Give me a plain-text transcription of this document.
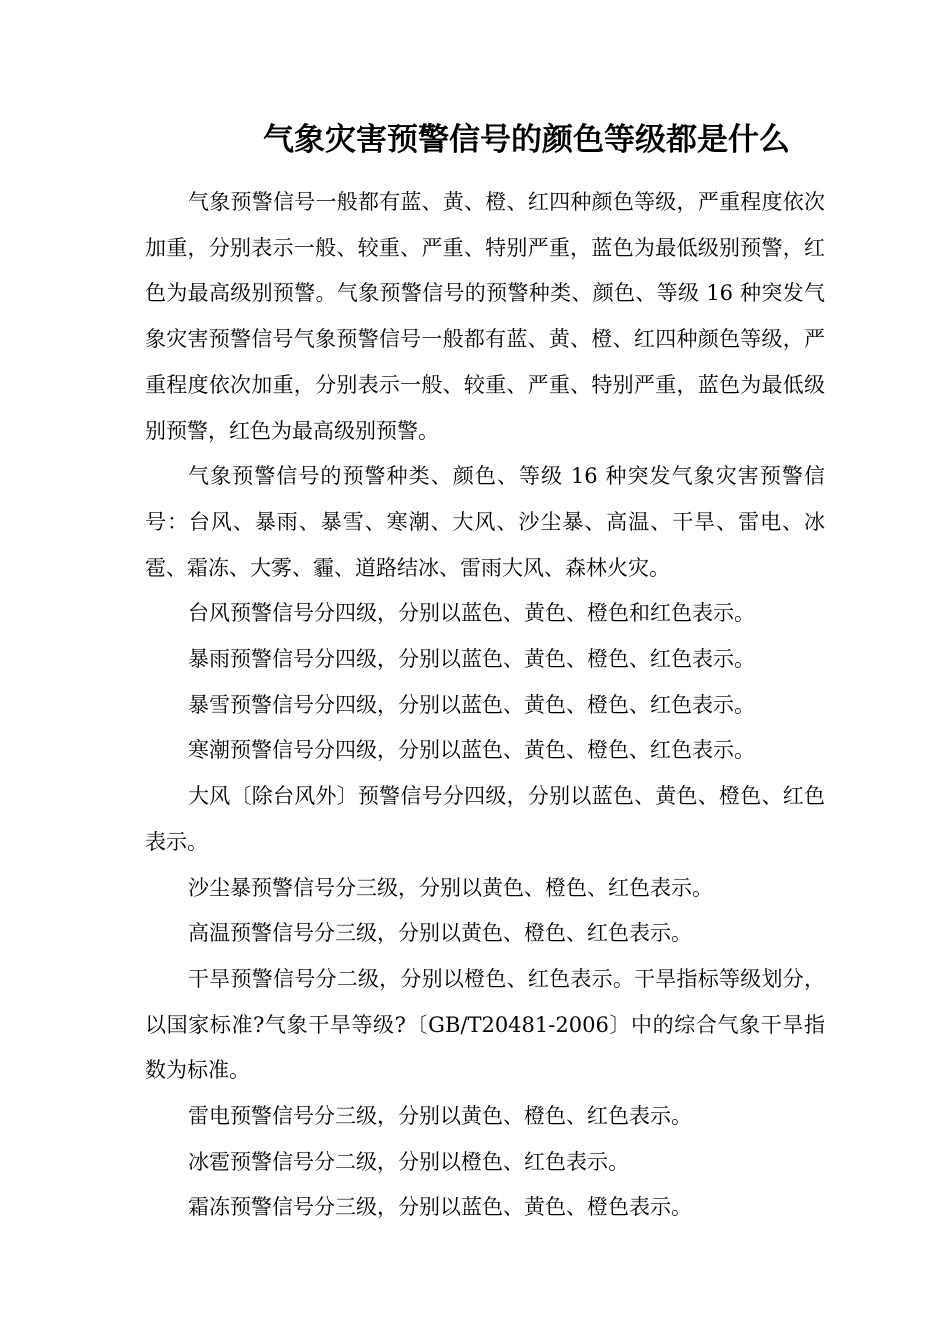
气象灾害预警信号的颜色等级都是什么

气象预警信号一般都有蓝、黄、橙、红四种颜色等级，严重程度依次加重，分别表示一般、较重、严重、特别严重，蓝色为最低级别预警，红色为最高级别预警。气象预警信号的预警种类、颜色、等级 16 种突发气象灾害预警信号气象预警信号一般都有蓝、黄、橙、红四种颜色等级，严重程度依次加重，分别表示一般、较重、严重、特别严重，蓝色为最低级别预警，红色为最高级别预警。

气象预警信号的预警种类、颜色、等级 16 种突发气象灾害预警信号：台风、暴雨、暴雪、寒潮、大风、沙尘暴、高温、干旱、雷电、冰雹、霜冻、大雾、霾、道路结冰、雷雨大风、森林火灾。

台风预警信号分四级，分别以蓝色、黄色、橙色和红色表示。

暴雨预警信号分四级，分别以蓝色、黄色、橙色、红色表示。

暴雪预警信号分四级，分别以蓝色、黄色、橙色、红色表示。

寒潮预警信号分四级，分别以蓝色、黄色、橙色、红色表示。

大风〔除台风外〕预警信号分四级，分别以蓝色、黄色、橙色、红色表示。

沙尘暴预警信号分三级，分别以黄色、橙色、红色表示。

高温预警信号分三级，分别以黄色、橙色、红色表示。

干旱预警信号分二级，分别以橙色、红色表示。干旱指标等级划分，以国家标准?气象干旱等级?〔GB/T20481-2006〕中的综合气象干旱指数为标准。

雷电预警信号分三级，分别以黄色、橙色、红色表示。

冰雹预警信号分二级，分别以橙色、红色表示。

霜冻预警信号分三级，分别以蓝色、黄色、橙色表示。
